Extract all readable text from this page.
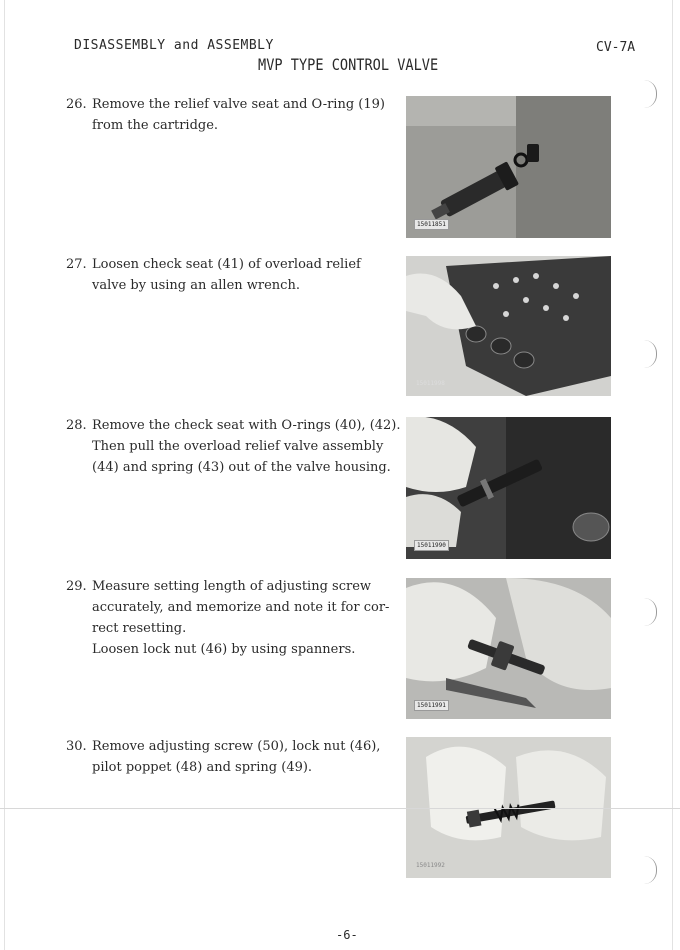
DISASSEMBLY and ASSEMBLY	CV-7A
MVP TYPE CONTROL VALVE
26. Remove the relief valve seat and O-ring (19)
from the cartridge.
15011851
27. Loosen check seat (41) of overload relief
valve by using an allen wrench.
15011998
28. Remove the check seat with O-rings (40), (42).
Then pull the overload relief valve assembly
(44) and spring (43) out of the valve housing.
15011990
29. Measure setting length of adjusting screw
accurately, and memorize and note it for cor-
rect resetting.
Loosen lock nut (46) by using spanners.
15011991
30. Remove adjusting screw (50), lock nut (46),
pilot poppet (48) and spring (49).
15011992
-6-
